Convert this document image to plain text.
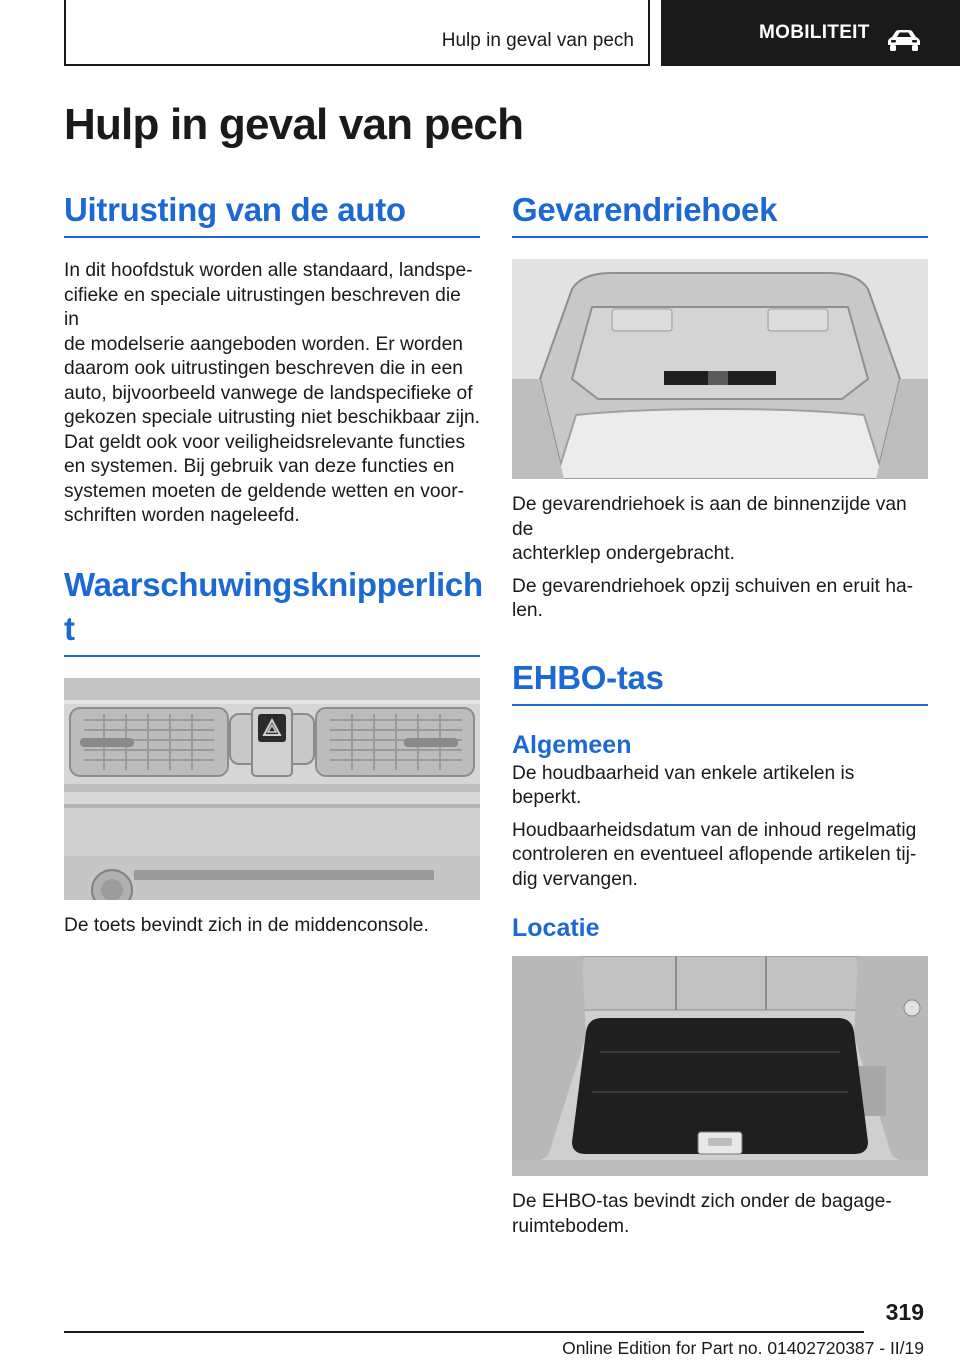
Hulp in geval van pech	MOBILITEIT
Hulp in geval van pech
Uitrusting van de auto
In dit hoofdstuk worden alle standaard, landspe‐
cifieke en speciale uitrustingen beschreven die in
de modelserie aangeboden worden. Er worden
daarom ook uitrustingen beschreven die in een
auto, bijvoorbeeld vanwege de landspecifieke of
gekozen speciale uitrusting niet beschikbaar zijn.
Dat geldt ook voor veiligheidsrelevante functies
en systemen. Bij gebruik van deze functies en
systemen moeten de geldende wetten en voor‐
schriften worden nageleefd.
Waarschuwingsknipperlich
t
De toets bevindt zich in de middenconsole.
Gevarendriehoek
De gevarendriehoek is aan de binnenzijde van de
achterklep ondergebracht.
De gevarendriehoek opzij schuiven en eruit ha‐
len.
EHBO-tas
Algemeen
De houdbaarheid van enkele artikelen is beperkt.
Houdbaarheidsdatum van de inhoud regelmatig
controleren en eventueel aflopende artikelen tij‐
dig vervangen.
Locatie
De EHBO-tas bevindt zich onder de bagage‐
ruimtebodem.
319
Online Edition for Part no. 01402720387 - II/19
